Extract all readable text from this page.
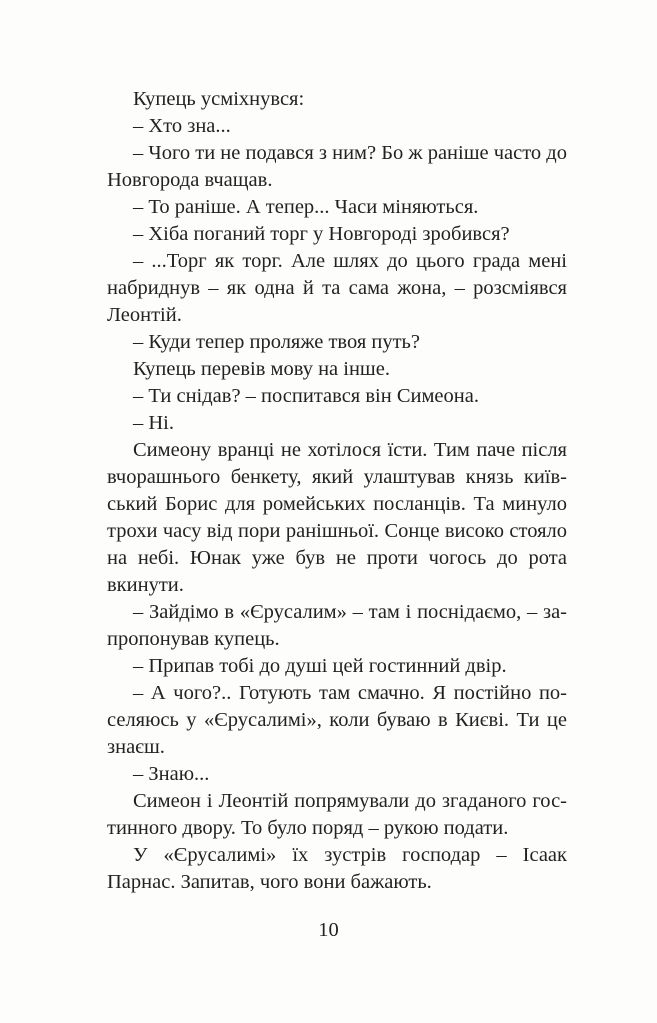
Купець усміхнувся:

– Хто зна...

– Чого ти не подався з ним? Бо ж раніше часто до Новгорода вчащав.

– То раніше. А тепер... Часи міняються.

– Хіба поганий торг у Новгороді зробився?

– ...Торг як торг. Але шлях до цього града мені набриднув – як одна й та сама жона, – розсміявся Леонтій.

– Куди тепер проляже твоя путь?

Купець перевів мову на інше.

– Ти снідав? – поспитався він Симеона.

– Ні.

Симеону вранці не хотілося їсти. Тим паче після вчорашнього бенкету, який улаштував князь київський Борис для ромейських посланців. Та минуло трохи часу від пори ранішньої. Сонце високо стояло на небі. Юнак уже був не проти чогось до рота вкинути.

– Зайдімо в «Єрусалим» – там і поснідаємо, – запропонував купець.

– Припав тобі до душі цей гостинний двір.

– А чого?.. Готують там смачно. Я постійно поселяюсь у «Єрусалимі», коли буваю в Києві. Ти це знаєш.

– Знаю...

Симеон і Леонтій попрямували до згаданого гостинного двору. То було поряд – рукою подати.

У «Єрусалимі» їх зустрів господар – Ісаак Парнас. Запитав, чого вони бажають.

10
